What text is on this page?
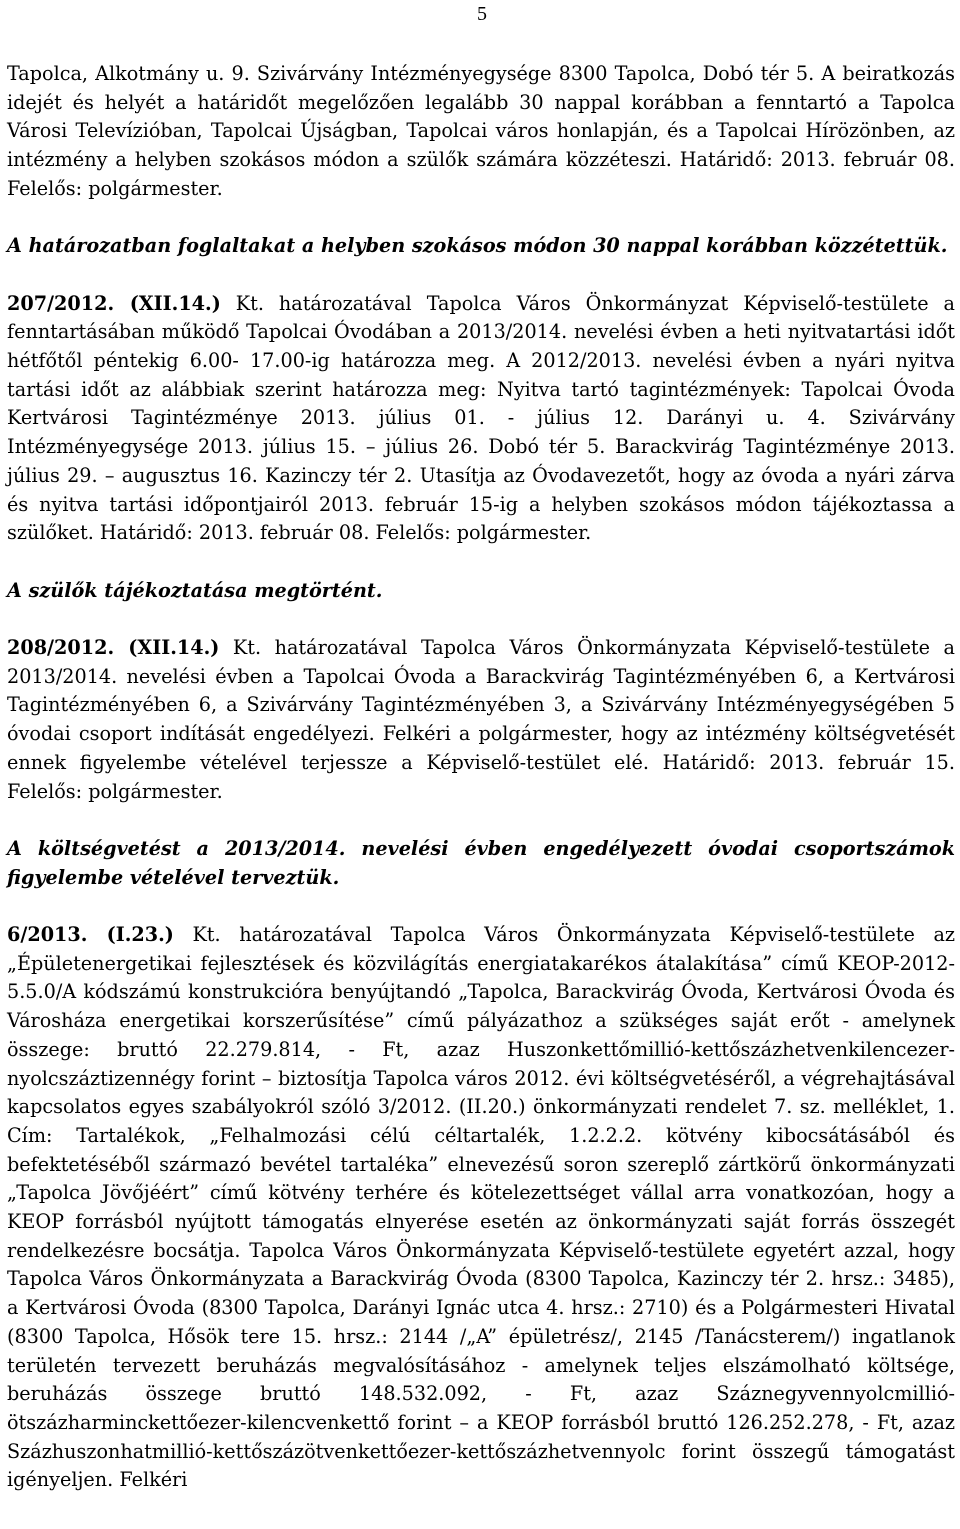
5

Tapolca, Alkotmány u. 9. Szivárvány Intézményegysége 8300 Tapolca, Dobó tér 5. A beiratkozás idejét és helyét a határidőt megelőzően legalább 30 nappal korábban a fenntartó a Tapolca Városi Televízióban, Tapolcai Újságban, Tapolcai város honlapján, és a Tapolcai Hírözönben, az intézmény a helyben szokásos módon a szülők számára közzéteszi. Határidő: 2013. február 08. Felelős: polgármester.

A határozatban foglaltakat a helyben szokásos módon 30 nappal korábban közzétettük.

207/2012. (XII.14.) Kt. határozatával Tapolca Város Önkormányzat Képviselő-testülete a fenntartásában működő Tapolcai Óvodában a 2013/2014. nevelési évben a heti nyitvatartási időt hétfőtől péntekig 6.00- 17.00-ig határozza meg. A 2012/2013. nevelési évben a nyári nyitva tartási időt az alábbiak szerint határozza meg: Nyitva tartó tagintézmények: Tapolcai Óvoda Kertvárosi Tagintézménye 2013. július 01. - július 12. Darányi u. 4. Szivárvány Intézményegysége 2013. július 15. – július 26. Dobó tér 5. Barackvirág Tagintézménye 2013. július 29. – augusztus 16. Kazinczy tér 2. Utasítja az Óvodavezetőt, hogy az óvoda a nyári zárva és nyitva tartási időpontjairól 2013. február 15-ig a helyben szokásos módon tájékoztassa a szülőket. Határidő: 2013. február 08. Felelős: polgármester.

A szülők tájékoztatása megtörtént.

208/2012. (XII.14.) Kt. határozatával Tapolca Város Önkormányzata Képviselő-testülete a 2013/2014. nevelési évben a Tapolcai Óvoda a Barackvirág Tagintézményében 6, a Kertvárosi Tagintézményében 6, a Szivárvány Tagintézményében 3, a Szivárvány Intézményegységében 5 óvodai csoport indítását engedélyezi. Felkéri a polgármester, hogy az intézmény költségvetését ennek figyelembe vételével terjessze a Képviselő-testület elé. Határidő: 2013. február 15. Felelős: polgármester.

A költségvetést a 2013/2014. nevelési évben engedélyezett óvodai csoportszámok figyelembe vételével terveztük.

6/2013. (I.23.) Kt. határozatával Tapolca Város Önkormányzata Képviselő-testülete az „Épületenergetikai fejlesztések és közvilágítás energiatakarékos átalakítása” című KEOP-2012-5.5.0/A kódszámú konstrukcióra benyújtandó „Tapolca, Barackvirág Óvoda, Kertvárosi Óvoda és Városháza energetikai korszerűsítése” című pályázathoz a szükséges saját erőt - amelynek összege: bruttó 22.279.814, - Ft, azaz Huszonkettőmillió-kettőszázhetvenkilencezer-nyolcszáztizennégy forint – biztosítja Tapolca város 2012. évi költségvetéséről, a végrehajtásával kapcsolatos egyes szabályokról szóló 3/2012. (II.20.) önkormányzati rendelet 7. sz. melléklet, 1. Cím: Tartalékok, „Felhalmozási célú céltartalék, 1.2.2.2. kötvény kibocsátásából és befektetéséből származó bevétel tartaléka” elnevezésű soron szereplő zártkörű önkormányzati „Tapolca Jövőjéért” című kötvény terhére és kötelezettséget vállal arra vonatkozóan, hogy a KEOP forrásból nyújtott támogatás elnyerése esetén az önkormányzati saját forrás összegét rendelkezésre bocsátja. Tapolca Város Önkormányzata Képviselő-testülete egyetért azzal, hogy Tapolca Város Önkormányzata a Barackvirág Óvoda (8300 Tapolca, Kazinczy tér 2. hrsz.: 3485), a Kertvárosi Óvoda (8300 Tapolca, Darányi Ignác utca 4. hrsz.: 2710) és a Polgármesteri Hivatal (8300 Tapolca, Hősök tere 15. hrsz.: 2144 /„A” épületrész/, 2145 /Tanácsterem/) ingatlanok területén tervezett beruházás megvalósításához - amelynek teljes elszámolható költsége, beruházás összege bruttó 148.532.092, - Ft, azaz Száznegyvennyolcmillió-ötszázharminckettőezer-kilencvenkettő forint – a KEOP forrásból bruttó 126.252.278, - Ft, azaz Százhuszonhatmillió-kettőszázötvenkettőezer-kettőszázhetvennyolc forint összegű támogatást igényeljen. Felkéri
